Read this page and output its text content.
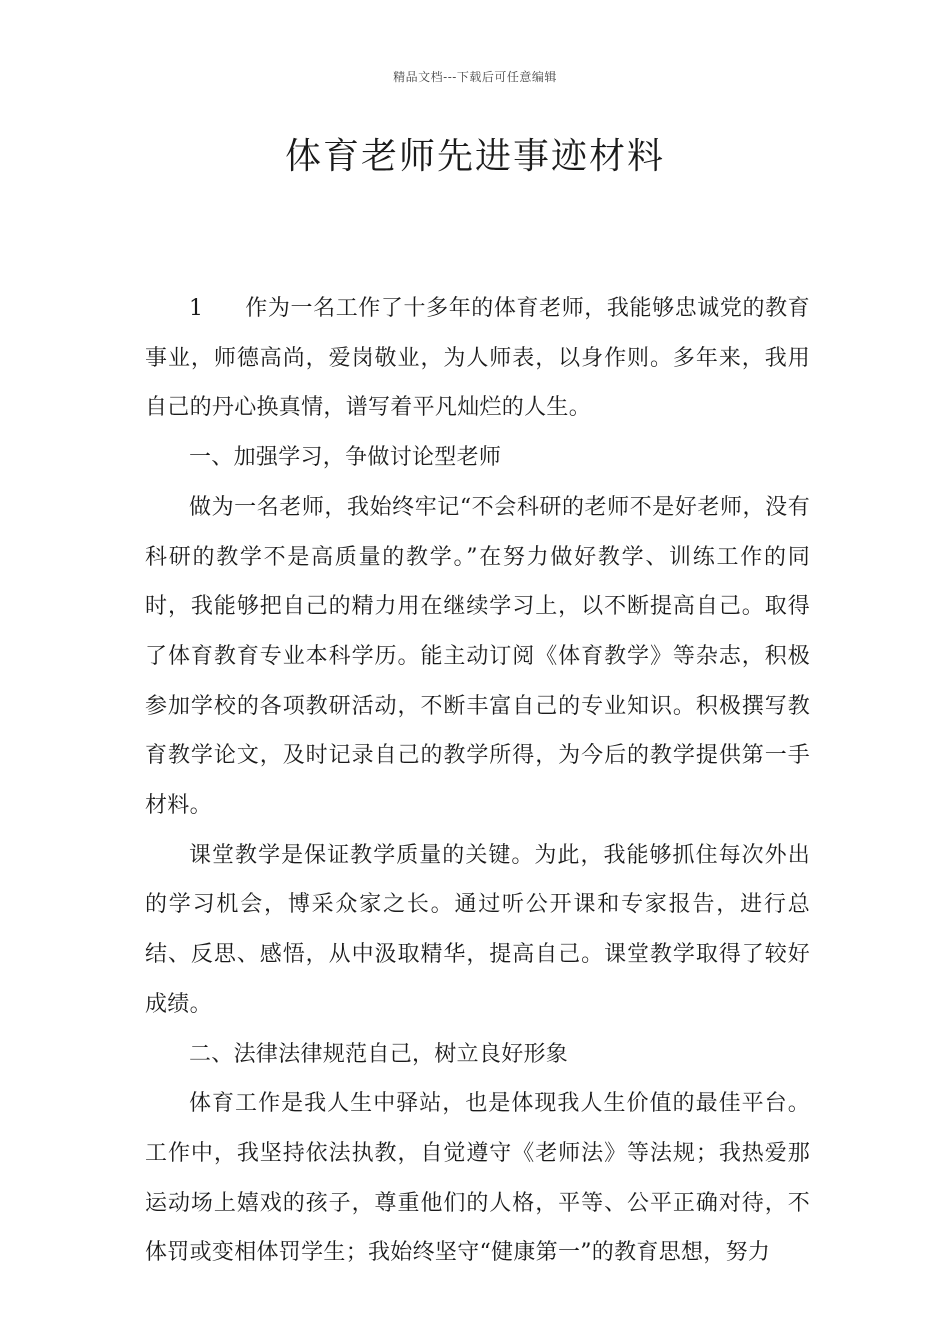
精品文档---下载后可任意编辑
体育老师先进事迹材料

1 作为一名工作了十多年的体育老师，我能够忠诚党的教育事业，师德高尚，爱岗敬业，为人师表，以身作则。多年来，我用自己的丹心换真情，谱写着平凡灿烂的人生。

一、加强学习，争做讨论型老师

做为一名老师，我始终牢记“不会科研的老师不是好老师，没有科研的教学不是高质量的教学。”在努力做好教学、训练工作的同时，我能够把自己的精力用在继续学习上，以不断提高自己。取得了体育教育专业本科学历。能主动订阅《体育教学》等杂志，积极参加学校的各项教研活动，不断丰富自己的专业知识。积极撰写教育教学论文，及时记录自己的教学所得，为今后的教学提供第一手材料。

课堂教学是保证教学质量的关键。为此，我能够抓住每次外出的学习机会，博采众家之长。通过听公开课和专家报告，进行总结、反思、感悟，从中汲取精华，提高自己。课堂教学取得了较好成绩。

二、法律法律规范自己，树立良好形象

体育工作是我人生中驿站，也是体现我人生价值的最佳平台。工作中，我坚持依法执教，自觉遵守《老师法》等法规；我热爱那运动场上嬉戏的孩子，尊重他们的人格，平等、公平正确对待，不体罚或变相体罚学生；我始终坚守“健康第一”的教育思想，努力
